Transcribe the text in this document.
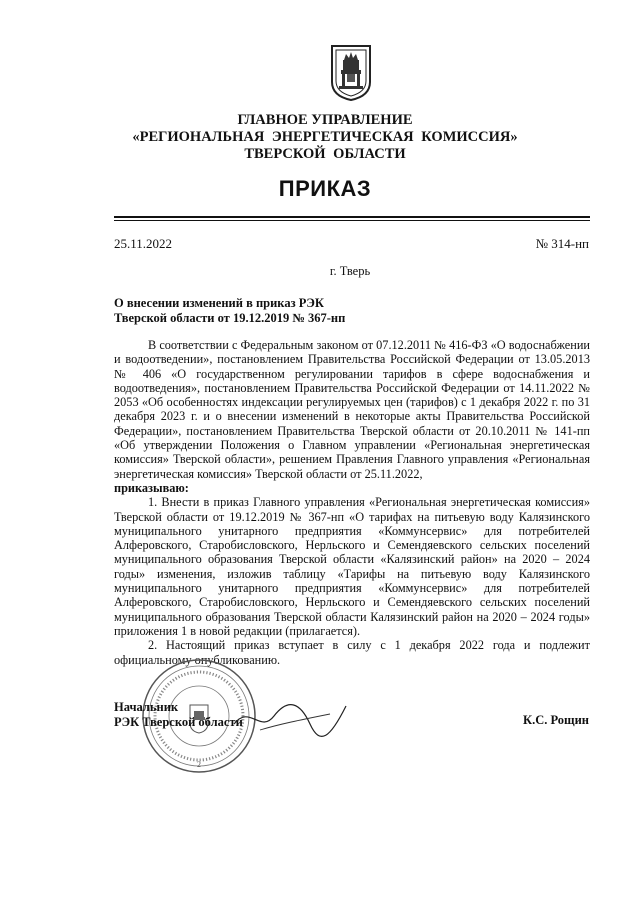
ГЛАВНОЕ УПРАВЛЕНИЕ
«РЕГИОНАЛЬНАЯ ЭНЕРГЕТИЧЕСКАЯ КОМИССИЯ»
ТВЕРСКОЙ ОБЛАСТИ
ПРИКАЗ
25.11.2022	№ 314-нп
г. Тверь
О внесении изменений в приказ РЭК
Тверской области от 19.12.2019 № 367-нп

В соответствии с Федеральным законом от 07.12.2011 № 416-ФЗ «О водоснабжении и водоотведении», постановлением Правительства Российской Федерации от 13.05.2013 № 406 «О государственном регулировании тарифов в сфере водоснабжения и водоотведения», постановлением Правительства Российской Федерации от 14.11.2022 № 2053 «Об особенностях индексации регулируемых цен (тарифов) с 1 декабря 2022 г. по 31 декабря 2023 г. и о внесении изменений в некоторые акты Правительства Российской Федерации», постановлением Правительства Тверской области от 20.10.2011 № 141-пп «Об утверждении Положения о Главном управлении «Региональная энергетическая комиссия» Тверской области», решением Правления Главного управления «Региональная энергетическая комиссия» Тверской области от 25.11.2022,

приказываю:

1. Внести в приказ Главного управления «Региональная энергетическая комиссия» Тверской области от 19.12.2019 № 367-нп «О тарифах на питьевую воду Калязинского муниципального унитарного предприятия «Коммунсервис» для потребителей Алферовского, Старобисловского, Нерльского и Семендяевского сельских поселений муниципального образования Тверской области «Калязинский район» на 2020 – 2024 годы» изменения, изложив таблицу «Тарифы на питьевую воду Калязинского муниципального унитарного предприятия «Коммунсервис» для потребителей Алферовского, Старобисловского, Нерльского и Семендяевского сельских поселений муниципального образования Тверской области Калязинский район на 2020 – 2024 годы» приложения 1 в новой редакции (прилагается).

2. Настоящий приказ вступает в силу с 1 декабря 2022 года и подлежит официальному опубликованию.

2
Начальник
РЭК Тверской области	К.С. Рощин
